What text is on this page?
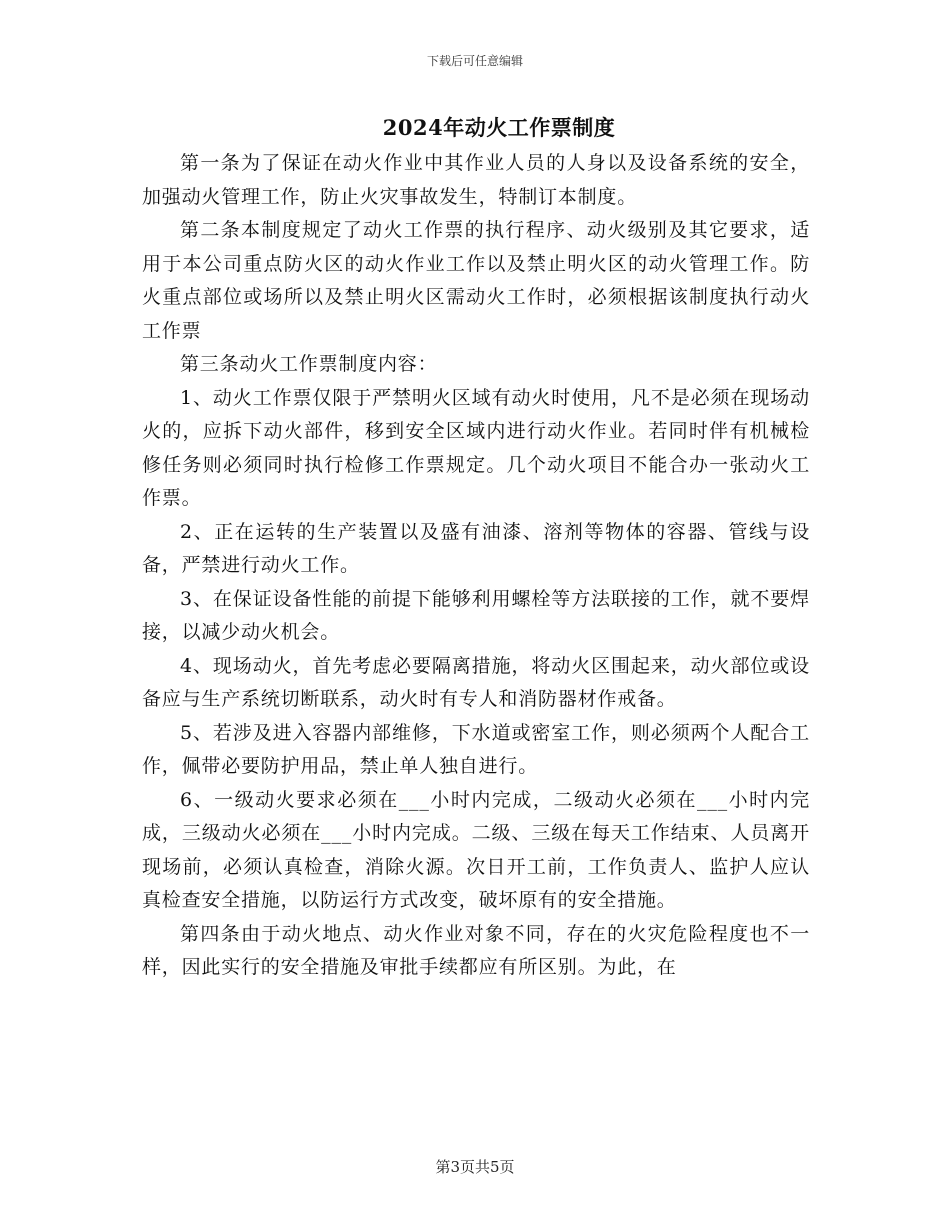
下载后可任意编辑
2024年动火工作票制度

第一条为了保证在动火作业中其作业人员的人身以及设备系统的安全，加强动火管理工作，防止火灾事故发生，特制订本制度。

第二条本制度规定了动火工作票的执行程序、动火级别及其它要求，适用于本公司重点防火区的动火作业工作以及禁止明火区的动火管理工作。防火重点部位或场所以及禁止明火区需动火工作时，必须根据该制度执行动火工作票

第三条动火工作票制度内容：

1、动火工作票仅限于严禁明火区域有动火时使用，凡不是必须在现场动火的，应拆下动火部件，移到安全区域内进行动火作业。若同时伴有机械检修任务则必须同时执行检修工作票规定。几个动火项目不能合办一张动火工作票。

2、正在运转的生产装置以及盛有油漆、溶剂等物体的容器、管线与设备，严禁进行动火工作。

3、在保证设备性能的前提下能够利用螺栓等方法联接的工作，就不要焊接，以减少动火机会。

4、现场动火，首先考虑必要隔离措施，将动火区围起来，动火部位或设备应与生产系统切断联系，动火时有专人和消防器材作戒备。

5、若涉及进入容器内部维修，下水道或密室工作，则必须两个人配合工作，佩带必要防护用品，禁止单人独自进行。

6、一级动火要求必须在___小时内完成，二级动火必须在___小时内完成，三级动火必须在___小时内完成。二级、三级在每天工作结束、人员离开现场前，必须认真检查，消除火源。次日开工前，工作负责人、监护人应认真检查安全措施，以防运行方式改变，破坏原有的安全措施。

第四条由于动火地点、动火作业对象不同，存在的火灾危险程度也不一样，因此实行的安全措施及审批手续都应有所区别。为此，在

第3页共5页
